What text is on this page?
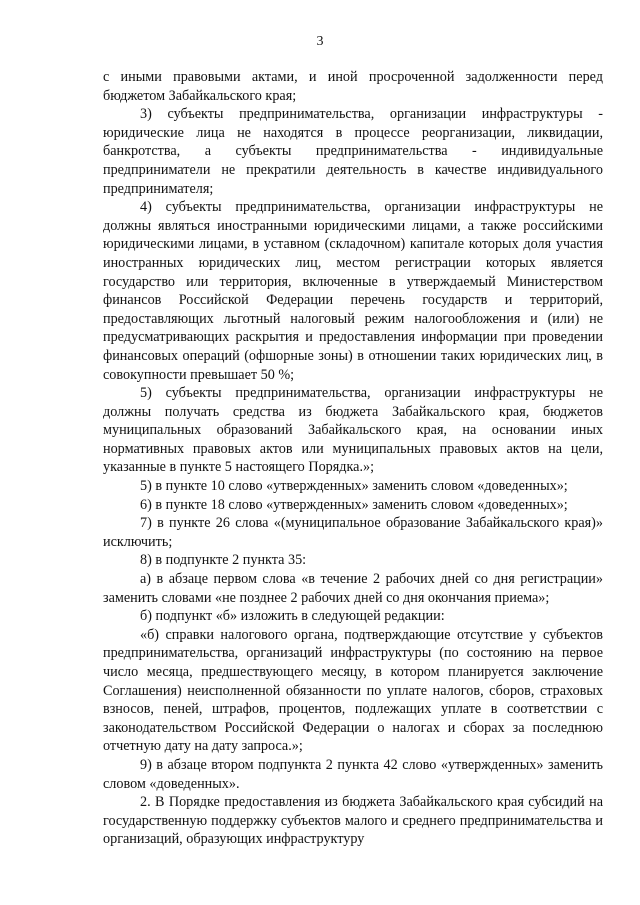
3

с иными правовыми актами, и иной просроченной задолженности перед бюджетом Забайкальского края;

3) субъекты предпринимательства, организации инфраструктуры - юридические лица не находятся в процессе реорганизации, ликвидации, банкротства, а субъекты предпринимательства - индивидуальные предприниматели не прекратили деятельность в качестве индивидуального предпринимателя;

4) субъекты предпринимательства, организации инфраструктуры не должны являться иностранными юридическими лицами, а также российскими юридическими лицами, в уставном (складочном) капитале которых доля участия иностранных юридических лиц, местом регистрации которых является государство или территория, включенные в утверждаемый Министерством финансов Российской Федерации перечень государств и территорий, предоставляющих льготный налоговый режим налогообложения и (или) не предусматривающих раскрытия и предоставления информации при проведении финансовых операций (офшорные зоны) в отношении таких юридических лиц, в совокупности превышает 50 %;

5) субъекты предпринимательства, организации инфраструктуры не должны получать средства из бюджета Забайкальского края, бюджетов муниципальных образований Забайкальского края, на основании иных нормативных правовых актов или муниципальных правовых актов на цели, указанные в пункте 5 настоящего Порядка.»;

5) в пункте 10 слово «утвержденных» заменить словом «доведенных»;

6) в пункте 18 слово «утвержденных» заменить словом «доведенных»;

7) в пункте 26 слова «(муниципальное образование Забайкальского края)» исключить;

8) в подпункте 2 пункта 35:

а) в абзаце первом слова «в течение 2 рабочих дней со дня регистрации» заменить словами «не позднее 2 рабочих дней со дня окончания приема»;

б) подпункт «б» изложить в следующей редакции:

«б) справки налогового органа, подтверждающие отсутствие у субъектов предпринимательства, организаций инфраструктуры (по состоянию на первое число месяца, предшествующего месяцу, в котором планируется заключение Соглашения) неисполненной обязанности по уплате налогов, сборов, страховых взносов, пеней, штрафов, процентов, подлежащих уплате в соответствии с законодательством Российской Федерации о налогах и сборах за последнюю отчетную дату на дату запроса.»;

9) в абзаце втором подпункта 2 пункта 42 слово «утвержденных» заменить словом «доведенных».

2. В Порядке предоставления из бюджета Забайкальского края субсидий на государственную поддержку субъектов малого и среднего предпринимательства и организаций, образующих инфраструктуру
